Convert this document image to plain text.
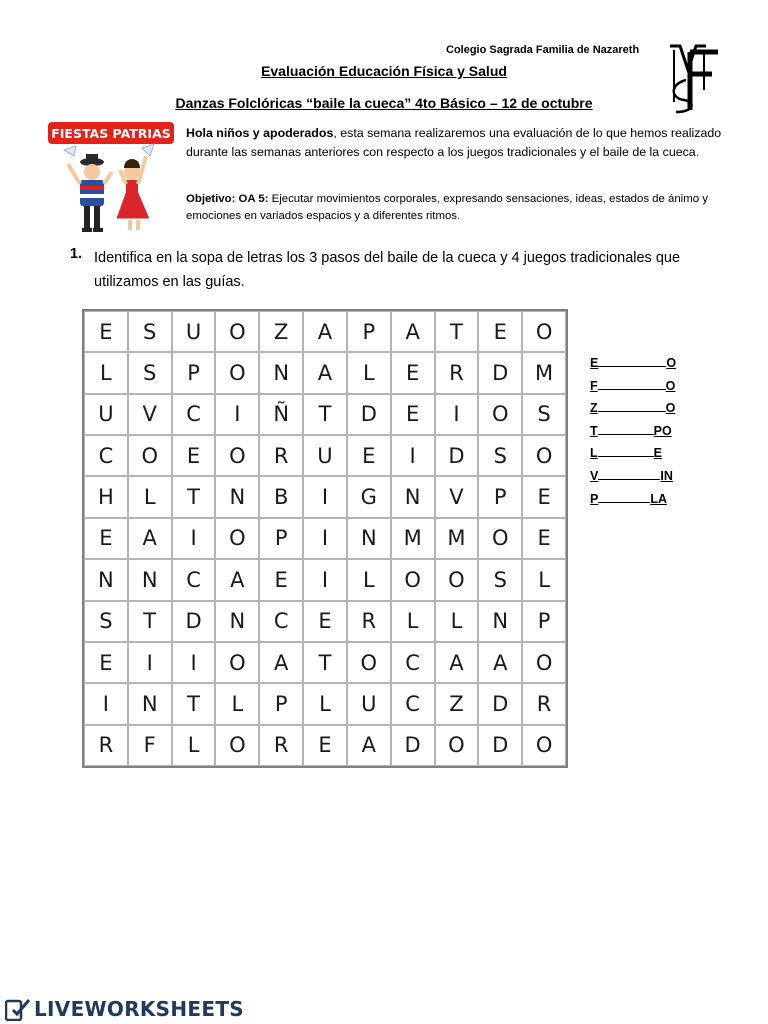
Colegio Sagrada Familia de Nazareth
Evaluación Educación Física y Salud
Danzas Folclóricas “baile la cueca” 4to Básico – 12 de octubre
FIESTAS PATRIAS Hola niños y apoderados, esta semana realizaremos una evaluación de lo que hemos realizado durante las semanas anteriores con respecto a los juegos tradicionales y el baile de la cueca.
Objetivo: OA 5: Ejecutar movimientos corporales, expresando sensaciones, ideas, estados de ánimo y emociones en variados espacios y a diferentes ritmos.
1. Identifica en la sopa de letras los 3 pasos del baile de la cueca y 4 juegos tradicionales que utilizamos en las guías.
E	S	U	O	Z	A	P	A	T	E	O
L	S	P	O	N	A	L	E	R	D	M
U	V	C	I	Ñ	T	D	E	I	O	S
C	O	E	O	R	U	E	I	D	S	O
H	L	T	N	B	I	G	N	V	P	E
E	A	I	O	P	I	N	M	M	O	E
N	N	C	A	E	I	L	O	O	S	L
S	T	D	N	C	E	R	L	L	N	P
E	I	I	O	A	T	O	C	A	A	O
I	N	T	L	P	L	U	C	Z	D	R
R	F	L	O	R	E	A	D	O	D	O
E	O
F	O
Z	O
T	PO
L	E
V	IN
P	LA
LIVEWORKSHEETS
